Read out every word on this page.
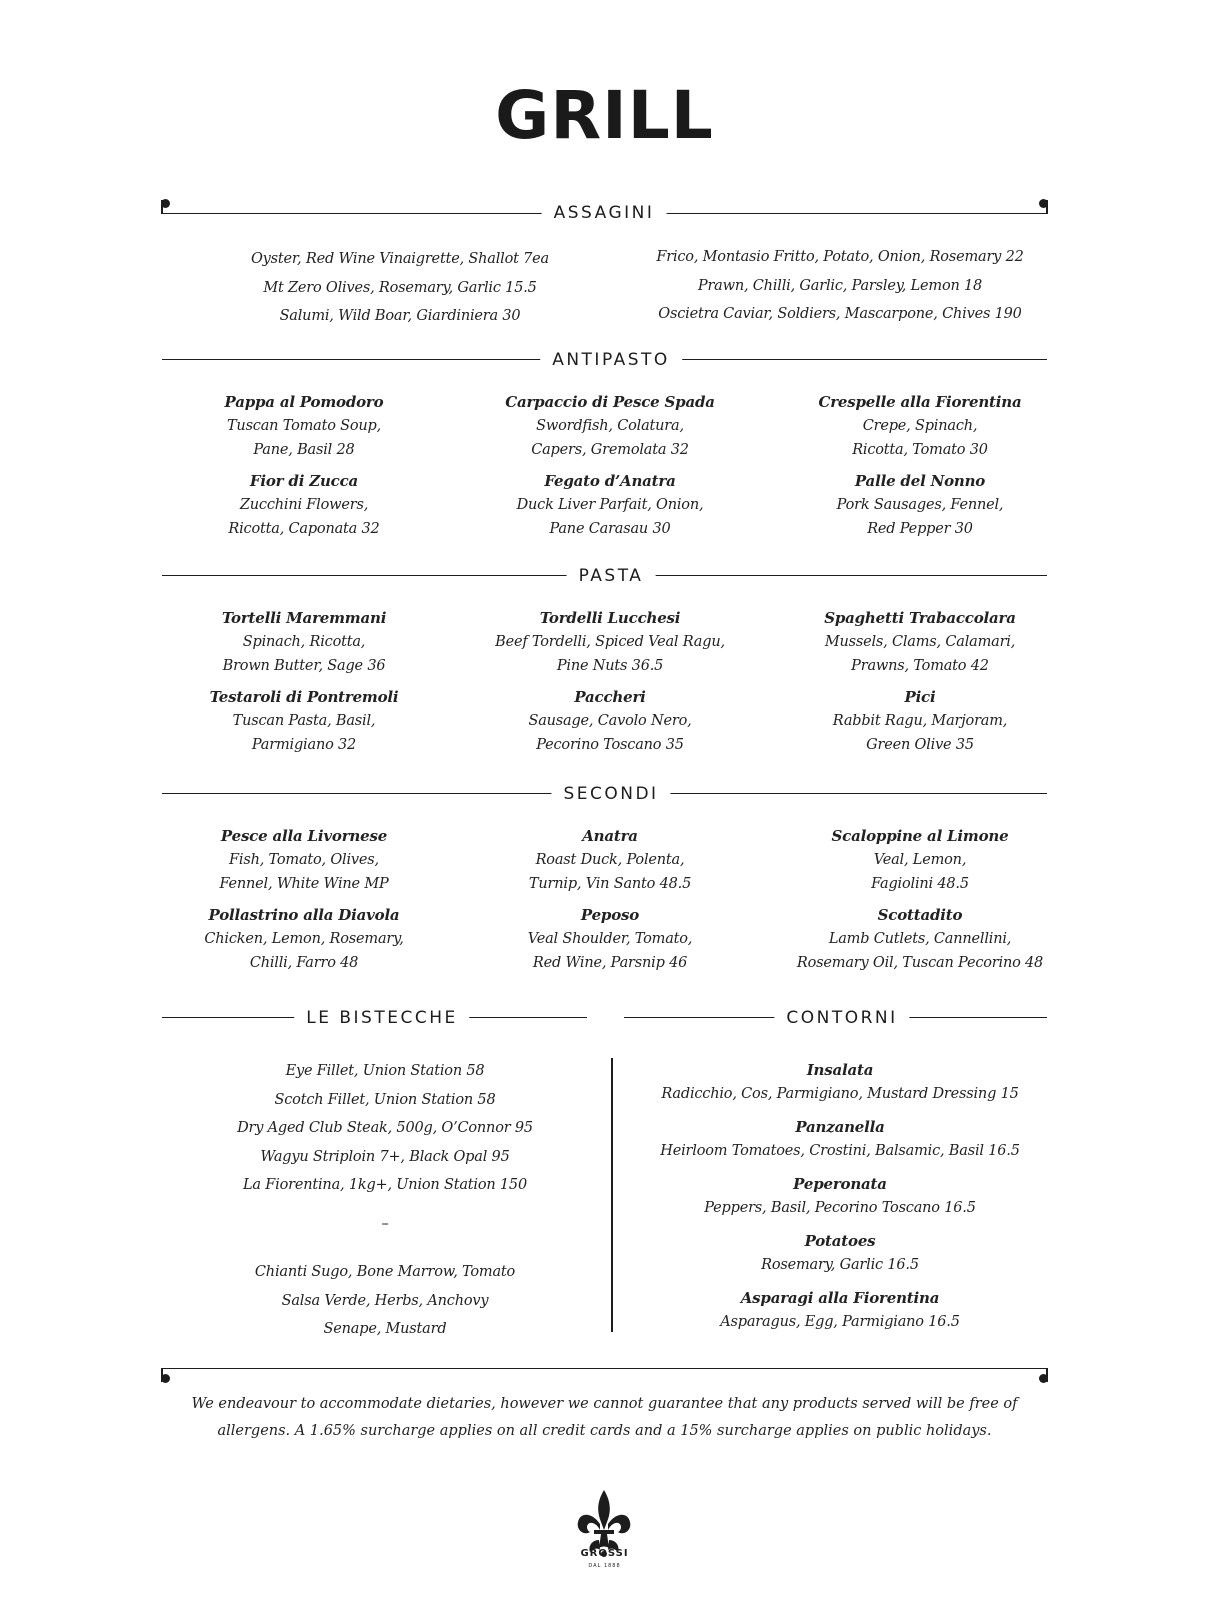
GRILL
ASSAGINI
Oyster, Red Wine Vinaigrette, Shallot 7ea
Mt Zero Olives, Rosemary, Garlic 15.5
Salumi, Wild Boar, Giardiniera 30
Frico, Montasio Fritto, Potato, Onion, Rosemary 22
Prawn, Chilli, Garlic, Parsley, Lemon 18
Oscietra Caviar, Soldiers, Mascarpone, Chives 190
ANTIPASTO
Pappa al Pomodoro
Tuscan Tomato Soup,
Pane, Basil 28
Fior di Zucca
Zucchini Flowers,
Ricotta, Caponata 32
Carpaccio di Pesce Spada
Swordfish, Colatura,
Capers, Gremolata 32
Fegato d’Anatra
Duck Liver Parfait, Onion,
Pane Carasau 30
Crespelle alla Fiorentina
Crepe, Spinach,
Ricotta, Tomato 30
Palle del Nonno
Pork Sausages, Fennel,
Red Pepper 30
PASTA
Tortelli Maremmani
Spinach, Ricotta,
Brown Butter, Sage 36
Testaroli di Pontremoli
Tuscan Pasta, Basil,
Parmigiano 32
Tordelli Lucchesi
Beef Tordelli, Spiced Veal Ragu,
Pine Nuts 36.5
Paccheri
Sausage, Cavolo Nero,
Pecorino Toscano 35
Spaghetti Trabaccolara
Mussels, Clams, Calamari,
Prawns, Tomato 42
Pici
Rabbit Ragu, Marjoram,
Green Olive 35
SECONDI
Pesce alla Livornese
Fish, Tomato, Olives,
Fennel, White Wine MP
Pollastrino alla Diavola
Chicken, Lemon, Rosemary,
Chilli, Farro 48
Anatra
Roast Duck, Polenta,
Turnip, Vin Santo 48.5
Peposo
Veal Shoulder, Tomato,
Red Wine, Parsnip 46
Scaloppine al Limone
Veal, Lemon,
Fagiolini 48.5
Scottadito
Lamb Cutlets, Cannellini,
Rosemary Oil, Tuscan Pecorino 48
LE BISTECCHE	CONTORNI
Eye Fillet, Union Station 58
Scotch Fillet, Union Station 58
Dry Aged Club Steak, 500g, O’Connor 95
Wagyu Striploin 7+, Black Opal 95
La Fiorentina, 1kg+, Union Station 150
–
Chianti Sugo, Bone Marrow, Tomato
Salsa Verde, Herbs, Anchovy
Senape, Mustard
Insalata
Radicchio, Cos, Parmigiano, Mustard Dressing 15
Panzanella
Heirloom Tomatoes, Crostini, Balsamic, Basil 16.5
Peperonata
Peppers, Basil, Pecorino Toscano 16.5
Potatoes
Rosemary, Garlic 16.5
Asparagi alla Fiorentina
Asparagus, Egg, Parmigiano 16.5
We endeavour to accommodate dietaries, however we cannot guarantee that any products served will be free of
allergens. A 1.65% surcharge applies on all credit cards and a 15% surcharge applies on public holidays.
GROSSI
DAL 1888
